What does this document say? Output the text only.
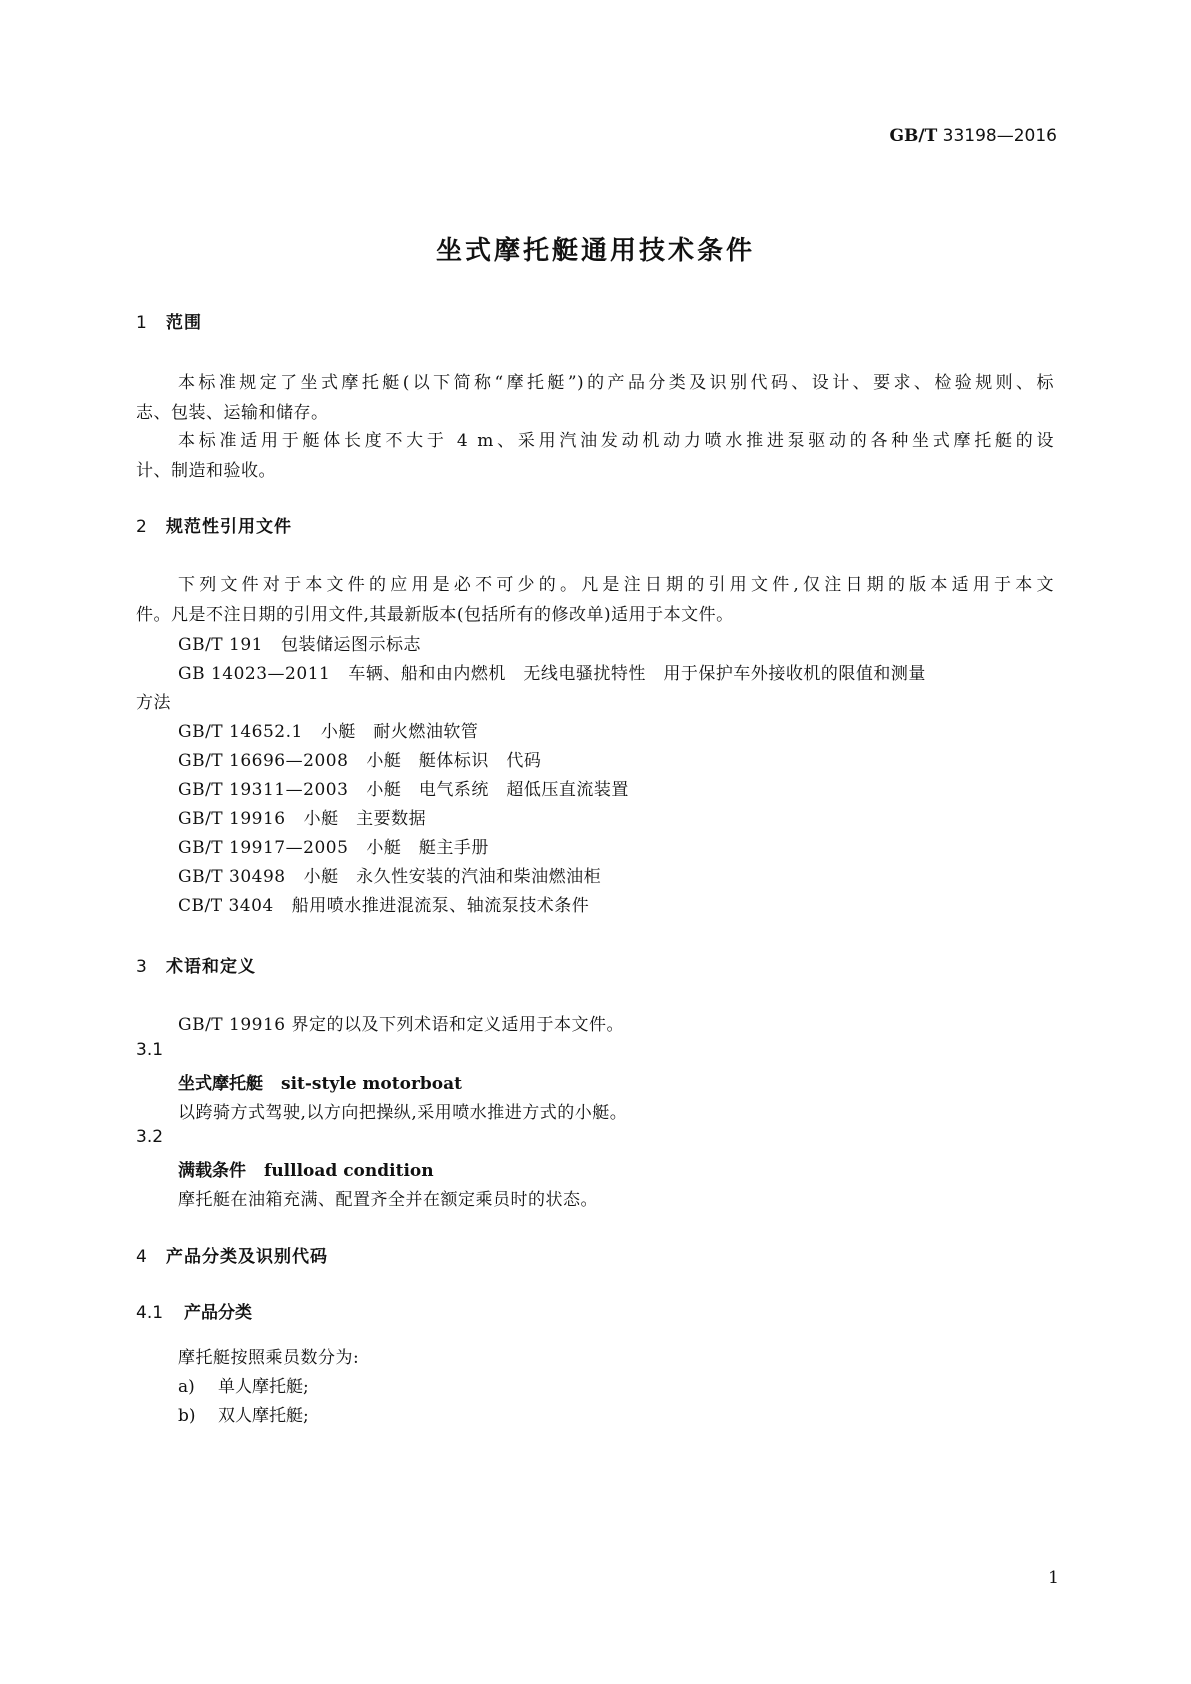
GB/T 33198—2016
坐式摩托艇通用技术条件
1 范围
本标准规定了坐式摩托艇(以下简称“摩托艇”)的产品分类及识别代码、设计、要求、检验规则、标
志、包装、运输和储存。
本标准适用于艇体长度不大于 4 m、采用汽油发动机动力喷水推进泵驱动的各种坐式摩托艇的设
计、制造和验收。
2 规范性引用文件
下列文件对于本文件的应用是必不可少的。凡是注日期的引用文件,仅注日期的版本适用于本文
件。凡是不注日期的引用文件,其最新版本(包括所有的修改单)适用于本文件。
GB/T 191 包装储运图示标志
GB 14023—2011 车辆、船和由内燃机　无线电骚扰特性　用于保护车外接收机的限值和测量
方法
GB/T 14652.1 小艇　耐火燃油软管
GB/T 16696—2008 小艇　艇体标识　代码
GB/T 19311—2003 小艇　电气系统　超低压直流装置
GB/T 19916 小艇　主要数据
GB/T 19917—2005 小艇　艇主手册
GB/T 30498 小艇　永久性安装的汽油和柴油燃油柜
CB/T 3404 船用喷水推进混流泵、轴流泵技术条件
3 术语和定义
GB/T 19916 界定的以及下列术语和定义适用于本文件。
3.1
坐式摩托艇 sit-style motorboat
以跨骑方式驾驶,以方向把操纵,采用喷水推进方式的小艇。
3.2
满载条件 fullload condition
摩托艇在油箱充满、配置齐全并在额定乘员时的状态。
4 产品分类及识别代码
4.1 产品分类
摩托艇按照乘员数分为:
a) 单人摩托艇;
b) 双人摩托艇;
1
